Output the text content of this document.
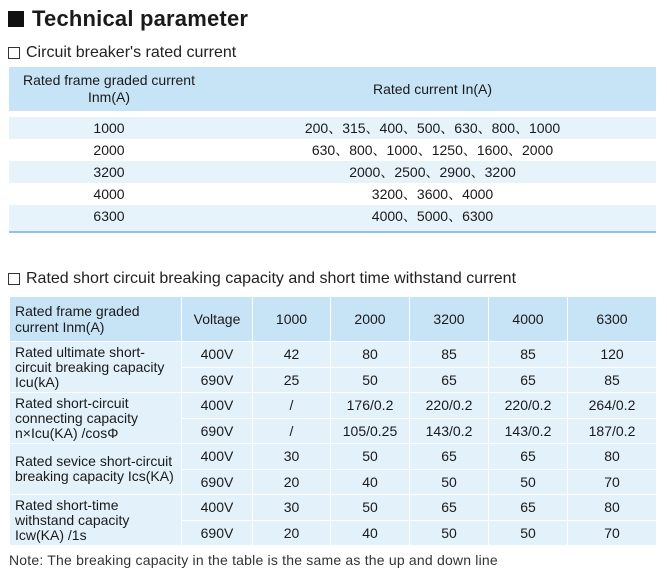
Technical parameter
Circuit breaker's rated current
Rated frame graded current Inm(A)	Rated current In(A)

1000	200、315、400、500、630、800、1000
2000	630、800、1000、1250、1600、2000
3200	2000、2500、2900、3200
4000	3200、3600、4000
6300	4000、5000、6300

Rated short circuit breaking capacity and short time withstand current
Rated frame graded current Inm(A)	Voltage	1000	2000	3200	4000	6300
Rated ultimate short-circuit breaking capacity Icu(kA)	400V	42	80	85	85	120
	690V	25	50	65	65	85
Rated short-circuit connecting capacity n×Icu(KA) /cosΦ	400V	/	176/0.2	220/0.2	220/0.2	264/0.2
	690V	/	105/0.25	143/0.2	143/0.2	187/0.2
Rated sevice short-circuit breaking capacity Ics(KA)	400V	30	50	65	65	80
	690V	20	40	50	50	70
Rated short-time withstand capacity Icw(KA) /1s	400V	30	50	65	65	80
	690V	20	40	50	50	70
Note: The breaking capacity in the table is the same as the up and down line
